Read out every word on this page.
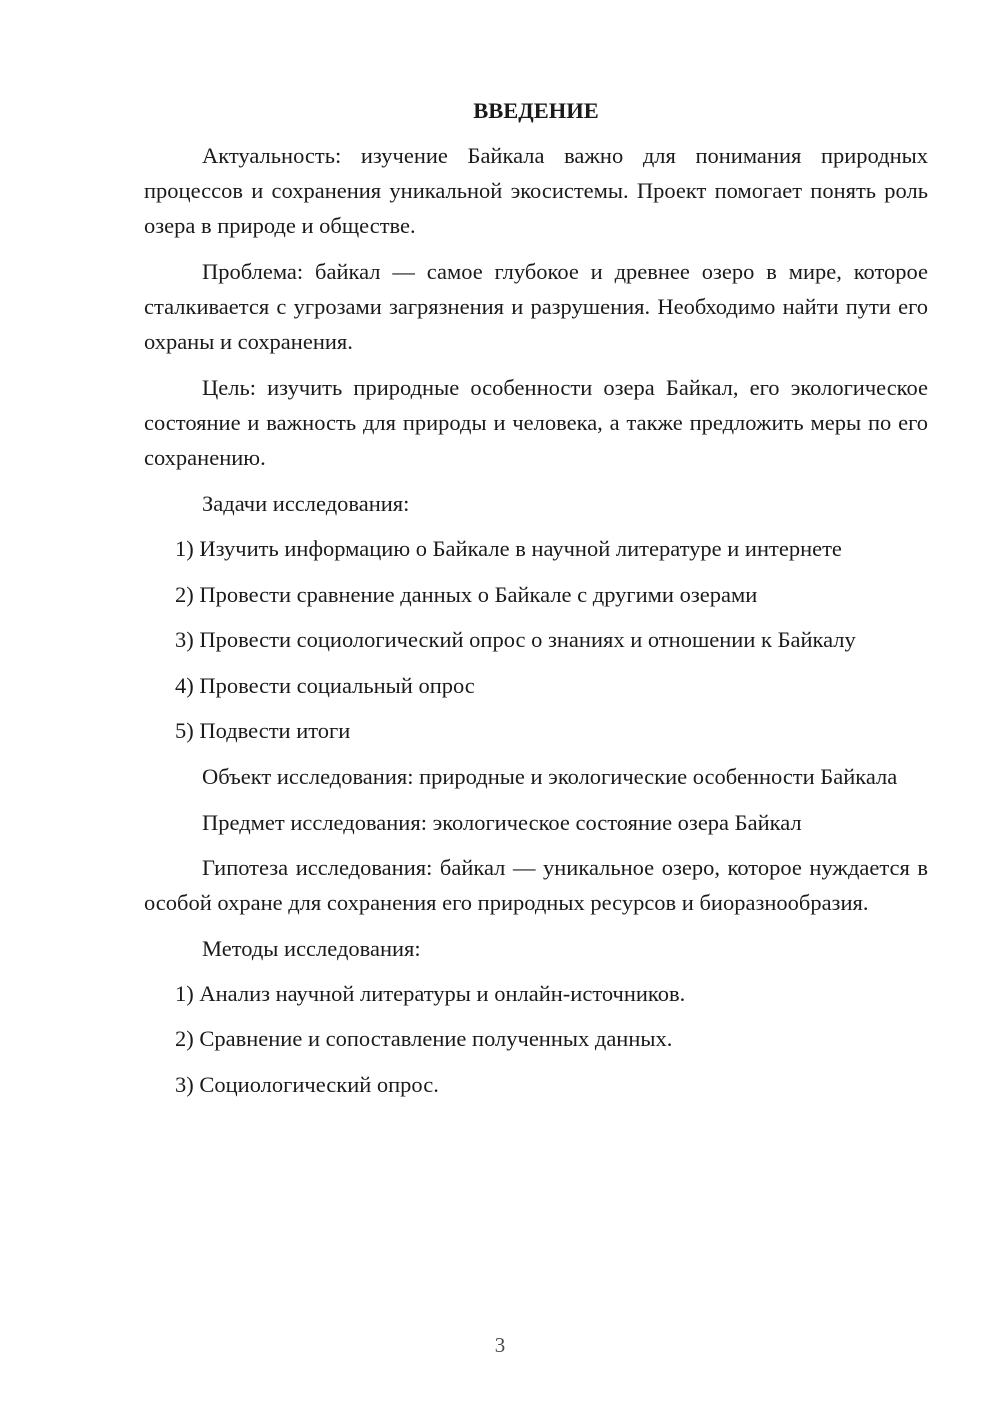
ВВЕДЕНИЕ
Актуальность: изучение Байкала важно для понимания природных процессов и сохранения уникальной экосистемы. Проект помогает понять роль озера в природе и обществе.
Проблема: байкал — самое глубокое и древнее озеро в мире, которое сталкивается с угрозами загрязнения и разрушения. Необходимо найти пути его охраны и сохранения.
Цель: изучить природные особенности озера Байкал, его экологическое состояние и важность для природы и человека, а также предложить меры по его сохранению.
Задачи исследования:
1) Изучить информацию о Байкале в научной литературе и интернете
2) Провести сравнение данных о Байкале с другими озерами
3) Провести социологический опрос о знаниях и отношении к Байкалу
4) Провести социальный опрос
5) Подвести итоги
Объект исследования: природные и экологические особенности Байкала
Предмет исследования: экологическое состояние озера Байкал
Гипотеза исследования: байкал — уникальное озеро, которое нуждается в особой охране для сохранения его природных ресурсов и биоразнообразия.
Методы исследования:
1) Анализ научной литературы и онлайн-источников.
2) Сравнение и сопоставление полученных данных.
3) Социологический опрос.
3
